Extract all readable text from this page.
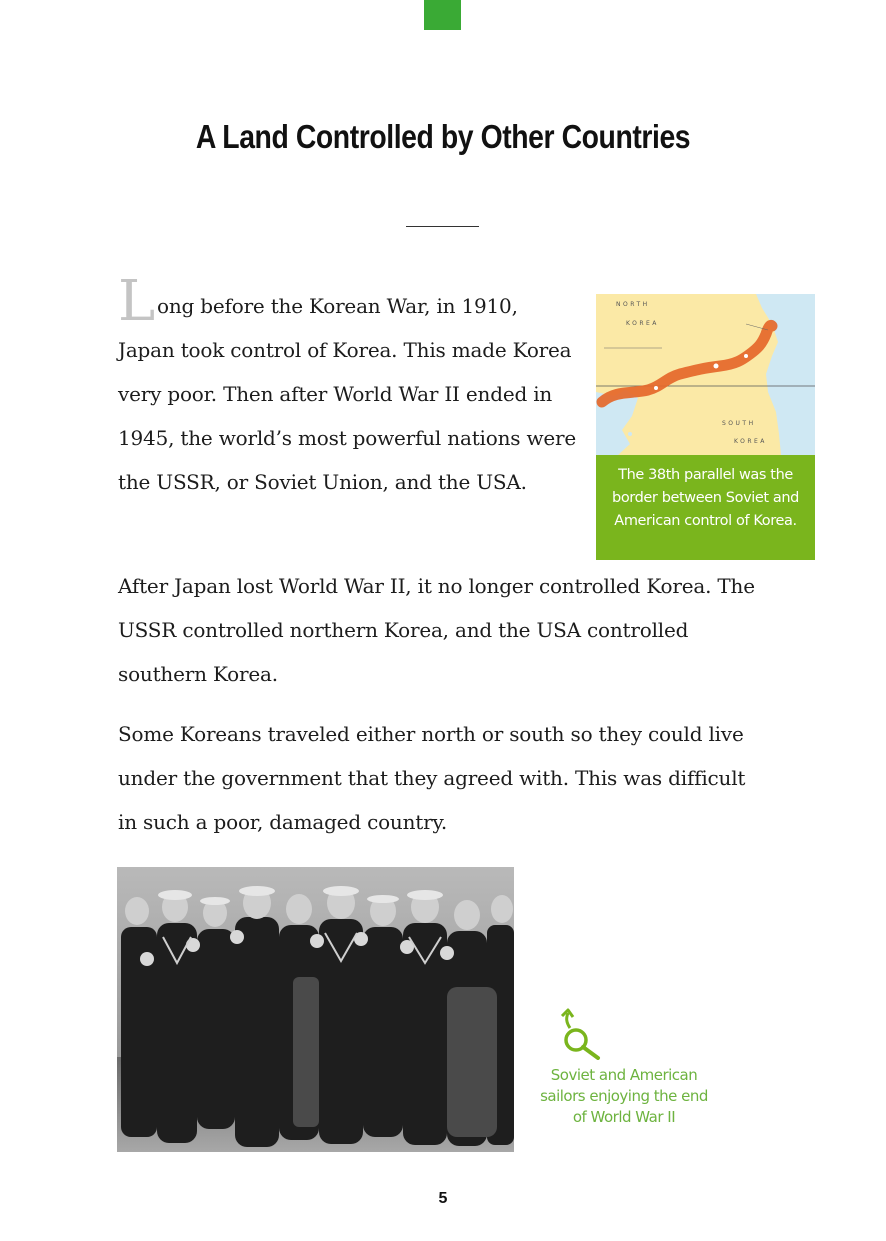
A Land Controlled by Other Countries
Long before the Korean War, in 1910, Japan took control of Korea. This made Korea very poor. Then after World War II ended in 1945, the world’s most powerful nations were the USSR, or Soviet Union, and the USA.
NORTH
KOREA
SOUTH
KOREA
The 38th parallel was the border between Soviet and American control of Korea.
After Japan lost World War II, it no longer controlled Korea. The USSR controlled northern Korea, and the USA controlled southern Korea.
Some Koreans traveled either north or south so they could live under the government that they agreed with. This was difficult in such a poor, damaged country.
Soviet and American sailors enjoying the end of World War II
5
